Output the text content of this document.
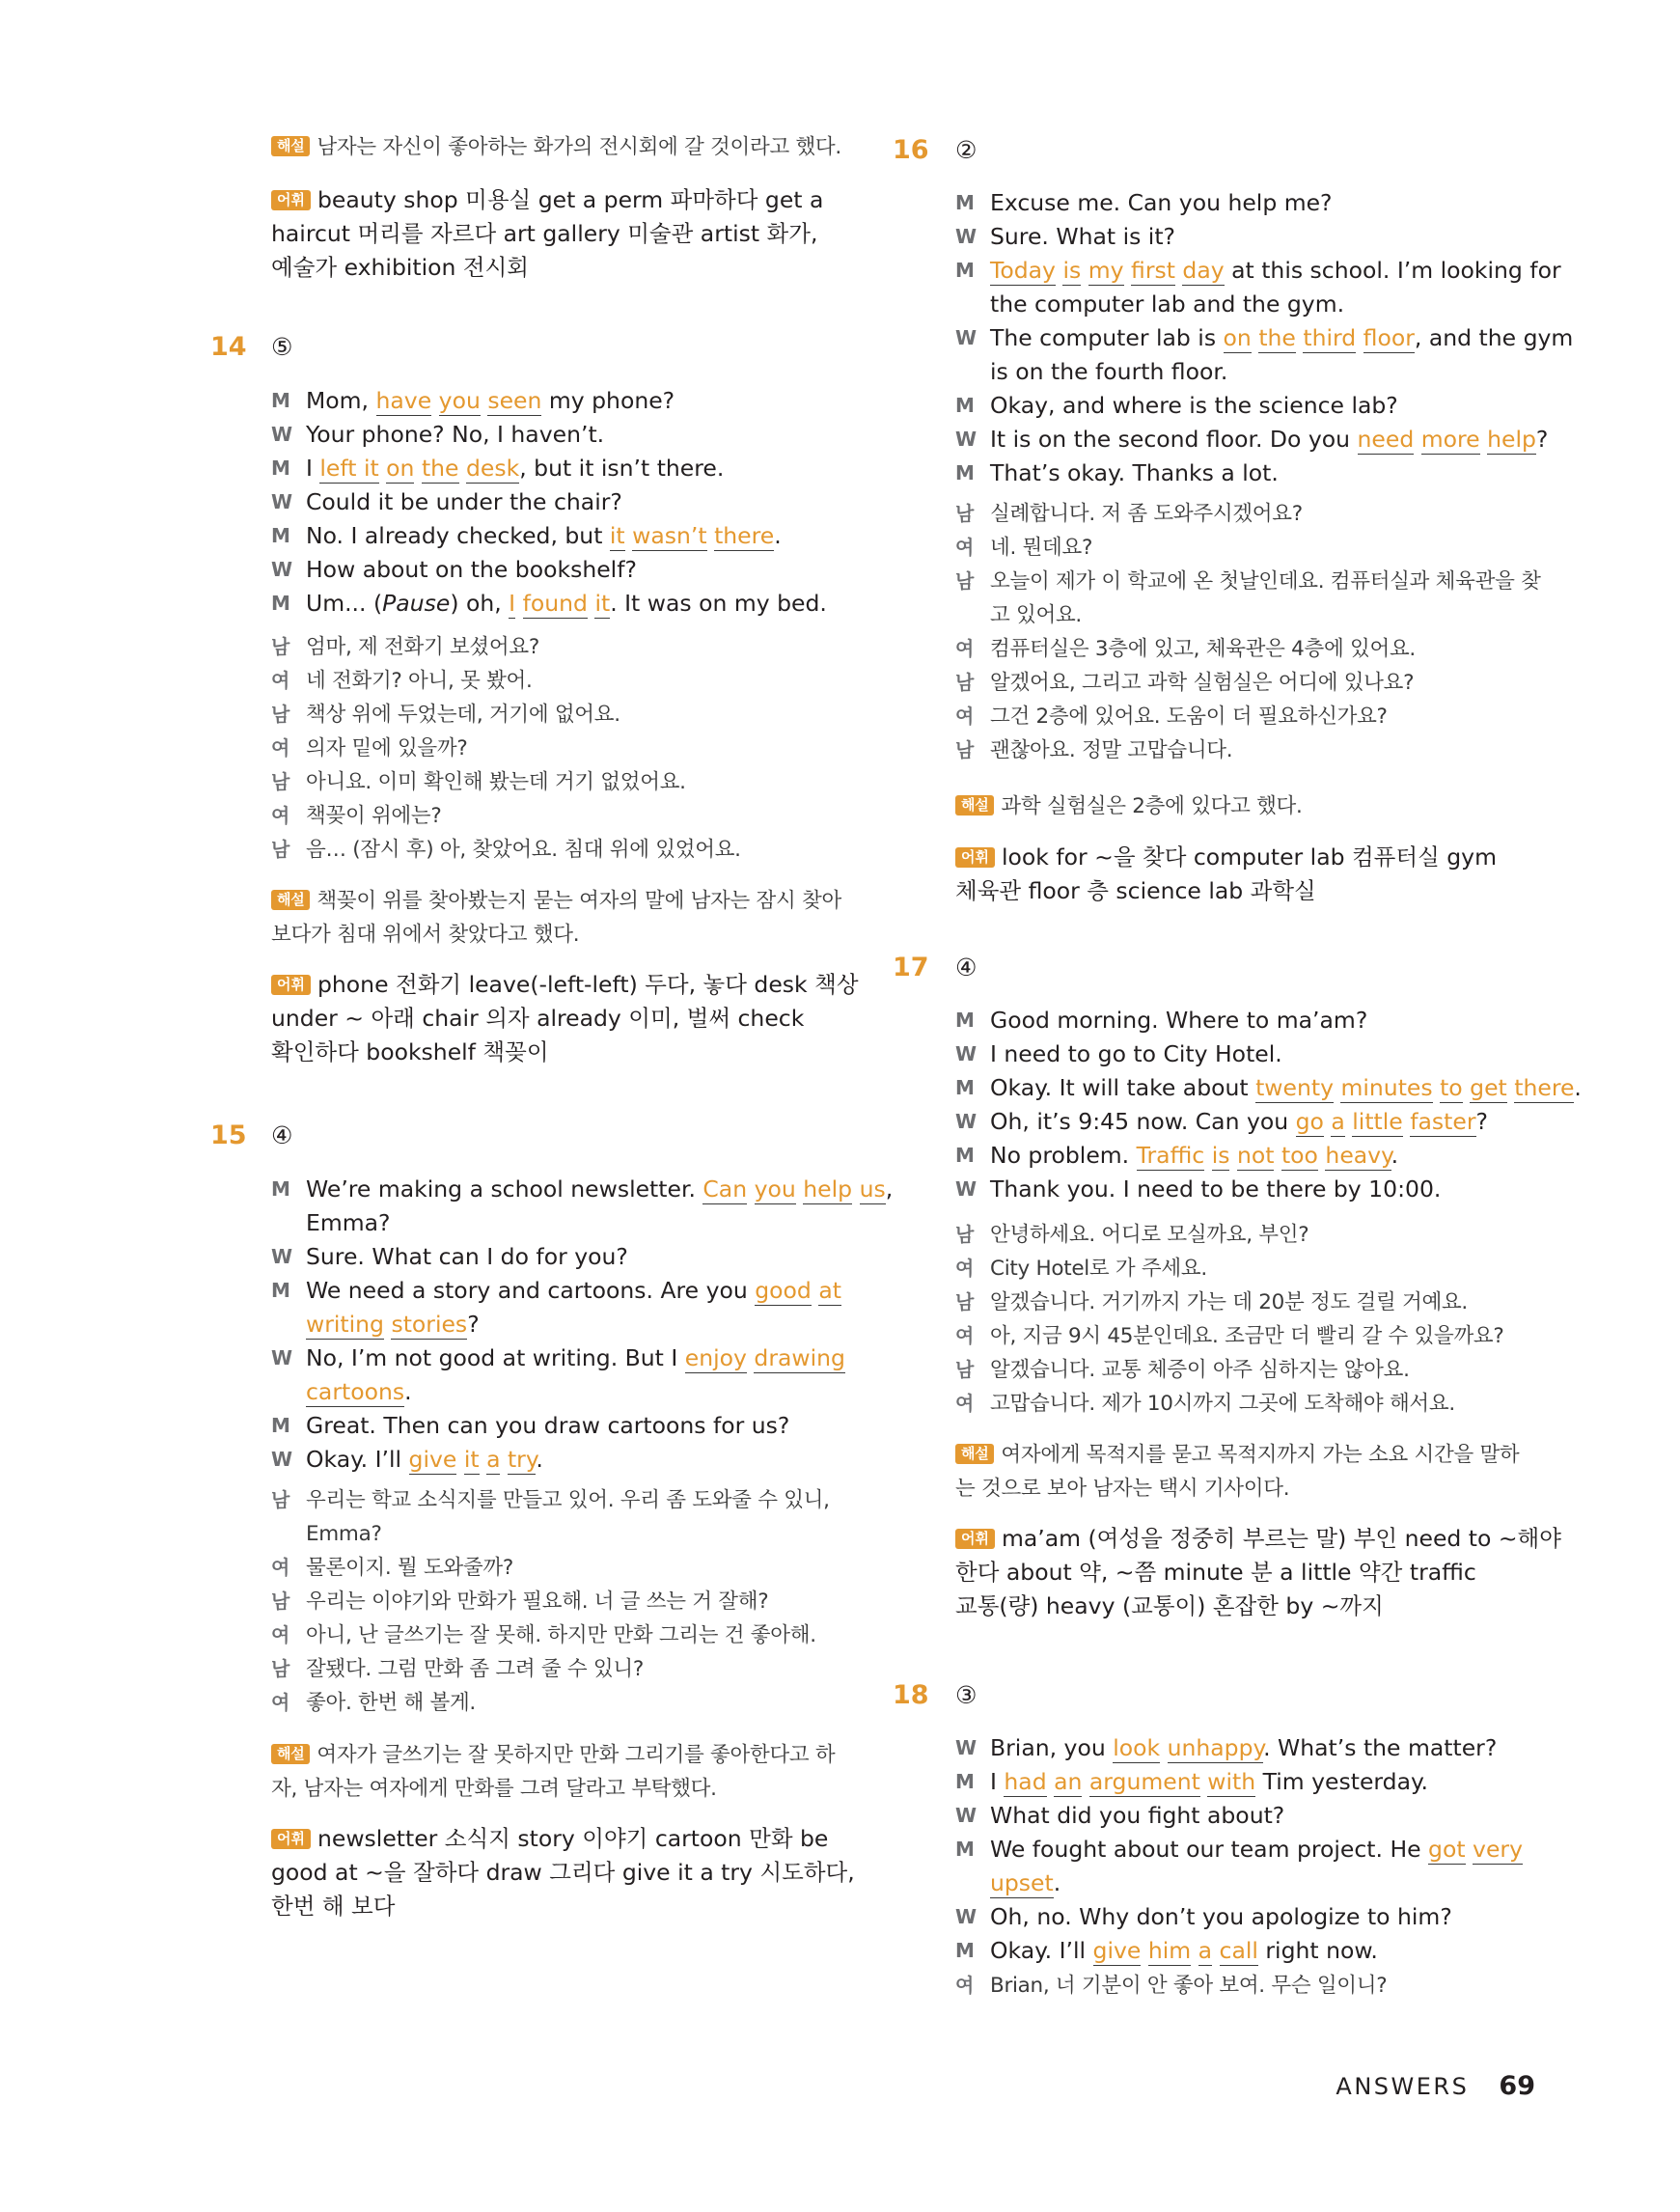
해설 남자는 자신이 좋아하는 화가의 전시회에 갈 것이라고 했다.
어휘 beauty shop 미용실 get a perm 파마하다 get a
haircut 머리를 자르다 art gallery 미술관 artist 화가,
예술가 exhibition 전시회
14 ⑤
M Mom, have you seen my phone?
W Your phone? No, I haven’t.
M I left it on the desk, but it isn’t there.
W Could it be under the chair?
M No. I already checked, but it wasn’t there.
W How about on the bookshelf?
M Um... (Pause) oh, I found it. It was on my bed.
남 엄마, 제 전화기 보셨어요?
여 네 전화기? 아니, 못 봤어.
남 책상 위에 두었는데, 거기에 없어요.
여 의자 밑에 있을까?
남 아니요. 이미 확인해 봤는데 거기 없었어요.
여 책꽂이 위에는?
남 음… (잠시 후) 아, 찾았어요. 침대 위에 있었어요.
해설 책꽂이 위를 찾아봤는지 묻는 여자의 말에 남자는 잠시 찾아
보다가 침대 위에서 찾았다고 했다.
어휘 phone 전화기 leave(-left-left) 두다, 놓다 desk 책상
under ~ 아래 chair 의자 already 이미, 벌써 check
확인하다 bookshelf 책꽂이
15 ④
M We’re making a school newsletter. Can you help us,
Emma?
W Sure. What can I do for you?
M We need a story and cartoons. Are you good at
writing stories?
W No, I’m not good at writing. But I enjoy drawing
cartoons.
M Great. Then can you draw cartoons for us?
W Okay. I’ll give it a try.
남 우리는 학교 소식지를 만들고 있어. 우리 좀 도와줄 수 있니,
Emma?
여 물론이지. 뭘 도와줄까?
남 우리는 이야기와 만화가 필요해. 너 글 쓰는 거 잘해?
여 아니, 난 글쓰기는 잘 못해. 하지만 만화 그리는 건 좋아해.
남 잘됐다. 그럼 만화 좀 그려 줄 수 있니?
여 좋아. 한번 해 볼게.
해설 여자가 글쓰기는 잘 못하지만 만화 그리기를 좋아한다고 하
자, 남자는 여자에게 만화를 그려 달라고 부탁했다.
어휘 newsletter 소식지 story 이야기 cartoon 만화 be
good at ~을 잘하다 draw 그리다 give it a try 시도하다,
한번 해 보다
16 ②
M Excuse me. Can you help me?
W Sure. What is it?
M Today is my first day at this school. I’m looking for
the computer lab and the gym.
W The computer lab is on the third floor, and the gym
is on the fourth floor.
M Okay, and where is the science lab?
W It is on the second floor. Do you need more help?
M That’s okay. Thanks a lot.
남 실례합니다. 저 좀 도와주시겠어요?
여 네. 뭔데요?
남 오늘이 제가 이 학교에 온 첫날인데요. 컴퓨터실과 체육관을 찾
고 있어요.
여 컴퓨터실은 3층에 있고, 체육관은 4층에 있어요.
남 알겠어요, 그리고 과학 실험실은 어디에 있나요?
여 그건 2층에 있어요. 도움이 더 필요하신가요?
남 괜찮아요. 정말 고맙습니다.
해설 과학 실험실은 2층에 있다고 했다.
어휘 look for ~을 찾다 computer lab 컴퓨터실 gym
체육관 floor 층 science lab 과학실
17 ④
M Good morning. Where to ma’am?
W I need to go to City Hotel.
M Okay. It will take about twenty minutes to get there.
W Oh, it’s 9:45 now. Can you go a little faster?
M No problem. Traffic is not too heavy.
W Thank you. I need to be there by 10:00.
남 안녕하세요. 어디로 모실까요, 부인?
여 City Hotel로 가 주세요.
남 알겠습니다. 거기까지 가는 데 20분 정도 걸릴 거예요.
여 아, 지금 9시 45분인데요. 조금만 더 빨리 갈 수 있을까요?
남 알겠습니다. 교통 체증이 아주 심하지는 않아요.
여 고맙습니다. 제가 10시까지 그곳에 도착해야 해서요.
해설 여자에게 목적지를 묻고 목적지까지 가는 소요 시간을 말하
는 것으로 보아 남자는 택시 기사이다.
어휘 ma’am (여성을 정중히 부르는 말) 부인 need to ~해야
한다 about 약, ~쯤 minute 분 a little 약간 traffic
교통(량) heavy (교통이) 혼잡한 by ~까지
18 ③
W Brian, you look unhappy. What’s the matter?
M I had an argument with Tim yesterday.
W What did you fight about?
M We fought about our team project. He got very
upset.
W Oh, no. Why don’t you apologize to him?
M Okay. I’ll give him a call right now.
여 Brian, 너 기분이 안 좋아 보여. 무슨 일이니?
ANSWERS 69
